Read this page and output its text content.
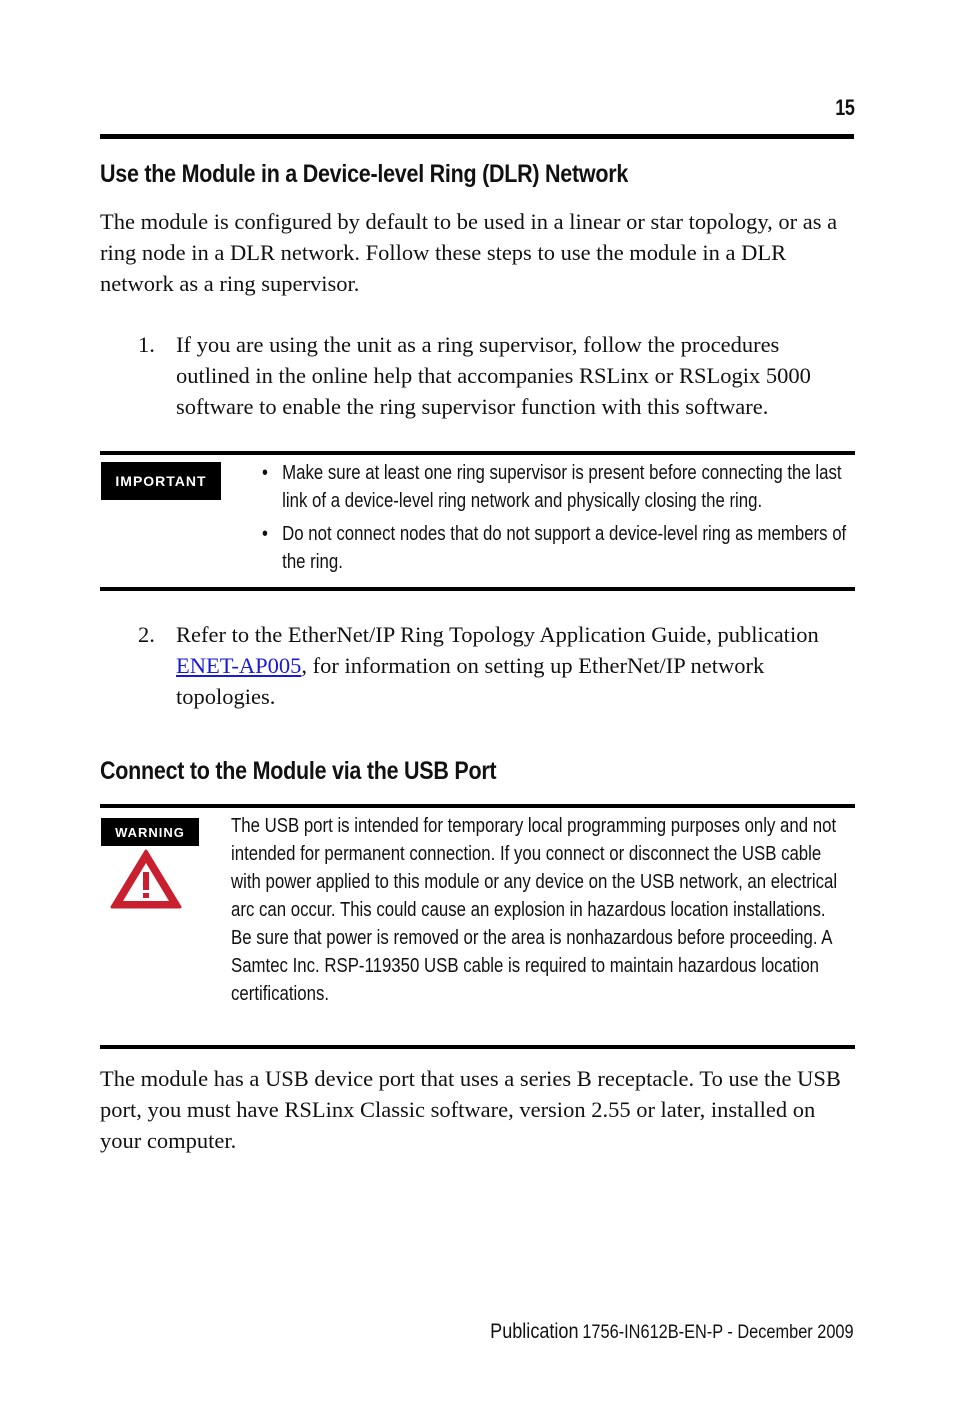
15
Use the Module in a Device-level Ring (DLR) Network
The module is configured by default to be used in a linear or star topology, or as a ring node in a DLR network. Follow these steps to use the module in a DLR network as a ring supervisor.
1. If you are using the unit as a ring supervisor, follow the procedures outlined in the online help that accompanies RSLinx or RSLogix 5000 software to enable the ring supervisor function with this software.
IMPORTANT	• Make sure at least one ring supervisor is present before connecting the last link of a device-level ring network and physically closing the ring.
• Do not connect nodes that do not support a device-level ring as members of the ring.
2. Refer to the EtherNet/IP Ring Topology Application Guide, publication ENET-AP005, for information on setting up EtherNet/IP network topologies.
Connect to the Module via the USB Port
WARNING	The USB port is intended for temporary local programming purposes only and not intended for permanent connection. If you connect or disconnect the USB cable with power applied to this module or any device on the USB network, an electrical arc can occur. This could cause an explosion in hazardous location installations.

Be sure that power is removed or the area is nonhazardous before proceeding. A Samtec Inc. RSP-119350 USB cable is required to maintain hazardous location certifications.

The module has a USB device port that uses a series B receptacle. To use the USB port, you must have RSLinx Classic software, version 2.55 or later, installed on your computer.
Publication 1756-IN612B-EN-P - December 2009
